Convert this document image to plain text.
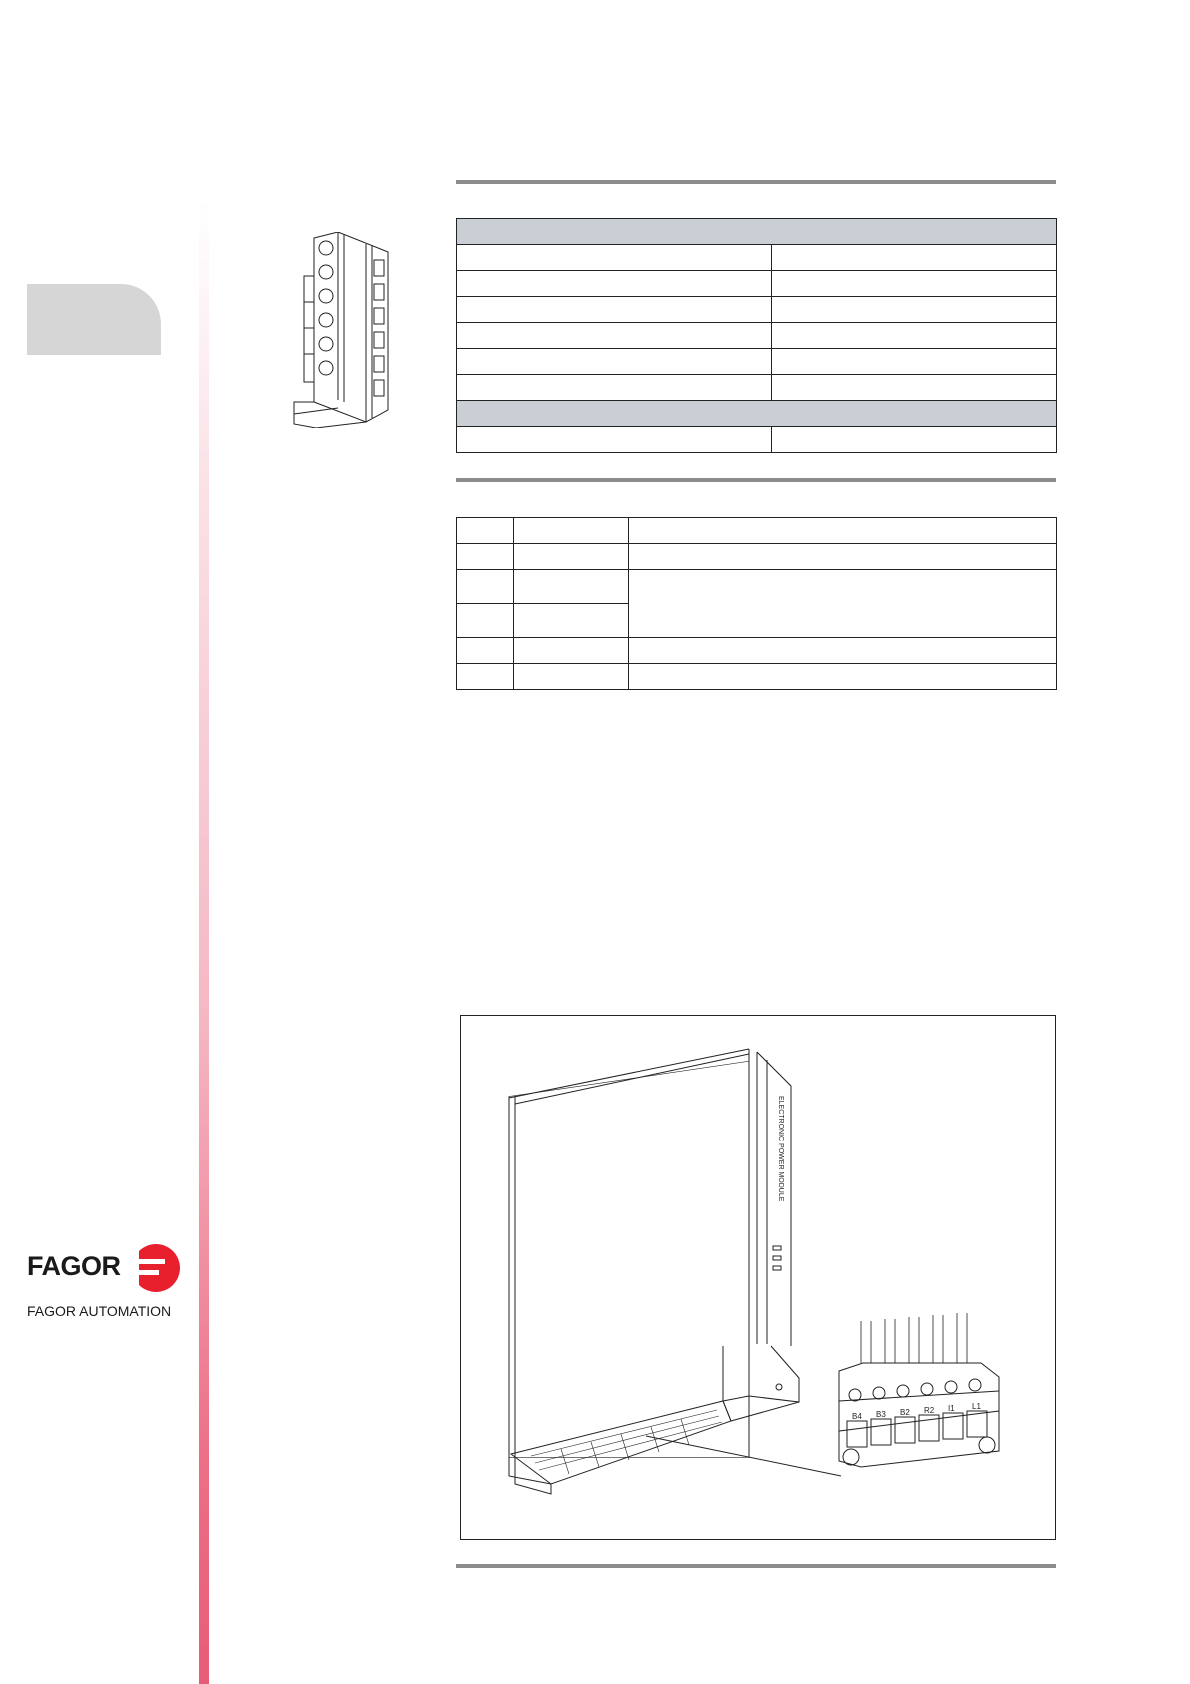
B4 B3 B2 R2 I1 L1
ELECTRONIC POWER MODULE
FAGOR
FAGOR AUTOMATION
